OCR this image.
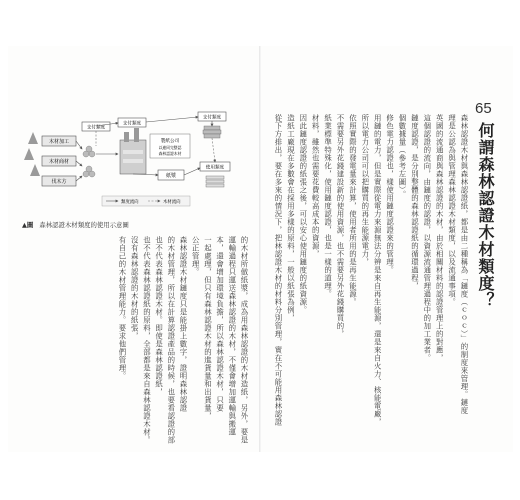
65
何謂森林認證木材類度？
森林認證木材與森林認證紙，都是由二種稱為「鏈度（ｃｏｃ）」的制度來管理。鏈度
理是公認為與管理森林認證木材類度，以及流通事項。
英國的流通商與森林認證的木材，由於相關材料的認證管理上的對應，
這個認證的流向，由鏈度的認證，以資源流通管理過程中的加工業者。
鏈度認證，是分別整體的森林認證紙的循環過程，
個數據量（參考左圖）。
修色電力認證也，樣使用鏈度認證來的管理。
用鏈的電力，但是實際從電力來源無法分辨是來自再生能源，還是來自火力、核能電廠，
所以電力公司可以把購買的再生能源電力，
依照實際的發電量來計算，使用者所用的是再生能源。
不需要另外花錢建設新的使用資源，也不需要另外花錢購買的，
紙業標準特殊化，使用鏈度認證，也是一樣的道理。
材料，雖然也需要花費較高成本的資源，
因此鏈度認證的紙張之後，可以安心使用鏈度的紙資源。
造紙工廠現在多數會在採用多樣的原料，一般以紙張為例，
從下方排出，要在多來的情況下，把林認證木材的材料分別管理，實在不可能用森林認證
的木材所做紙漿，成為用森林認證的木材造紙，另外，要是
運輸過程只運送森林認證的木材，不僅會增加運輸與搬運
本，還會增加環境負擔，所以森林認證木材，只要
一起處理，但只有森林認證木材的進貨量和出貨量，
公正管理。
森林認證木材鏈度只是能掛上數字，證明森林認證
的木材管理，所以在計算認證產品的時候，也要看認證的部
也不代表森林認證木材。即使是森林認證紙，
也不代表森林認證紙的原料，全部都是來自森林認證木材。
沒有森林認證的木材的紙張，
有自己的木材管理能力。要求他們管理。
木材加工
木材商材
伐木方
支付類度
支付類度
製紙公司
以連同完整認
森林認證木材
支付類度
紙漿
使用類度
類度流向	木材流向
▲圖 森林認證木材類度的使用示意圖
